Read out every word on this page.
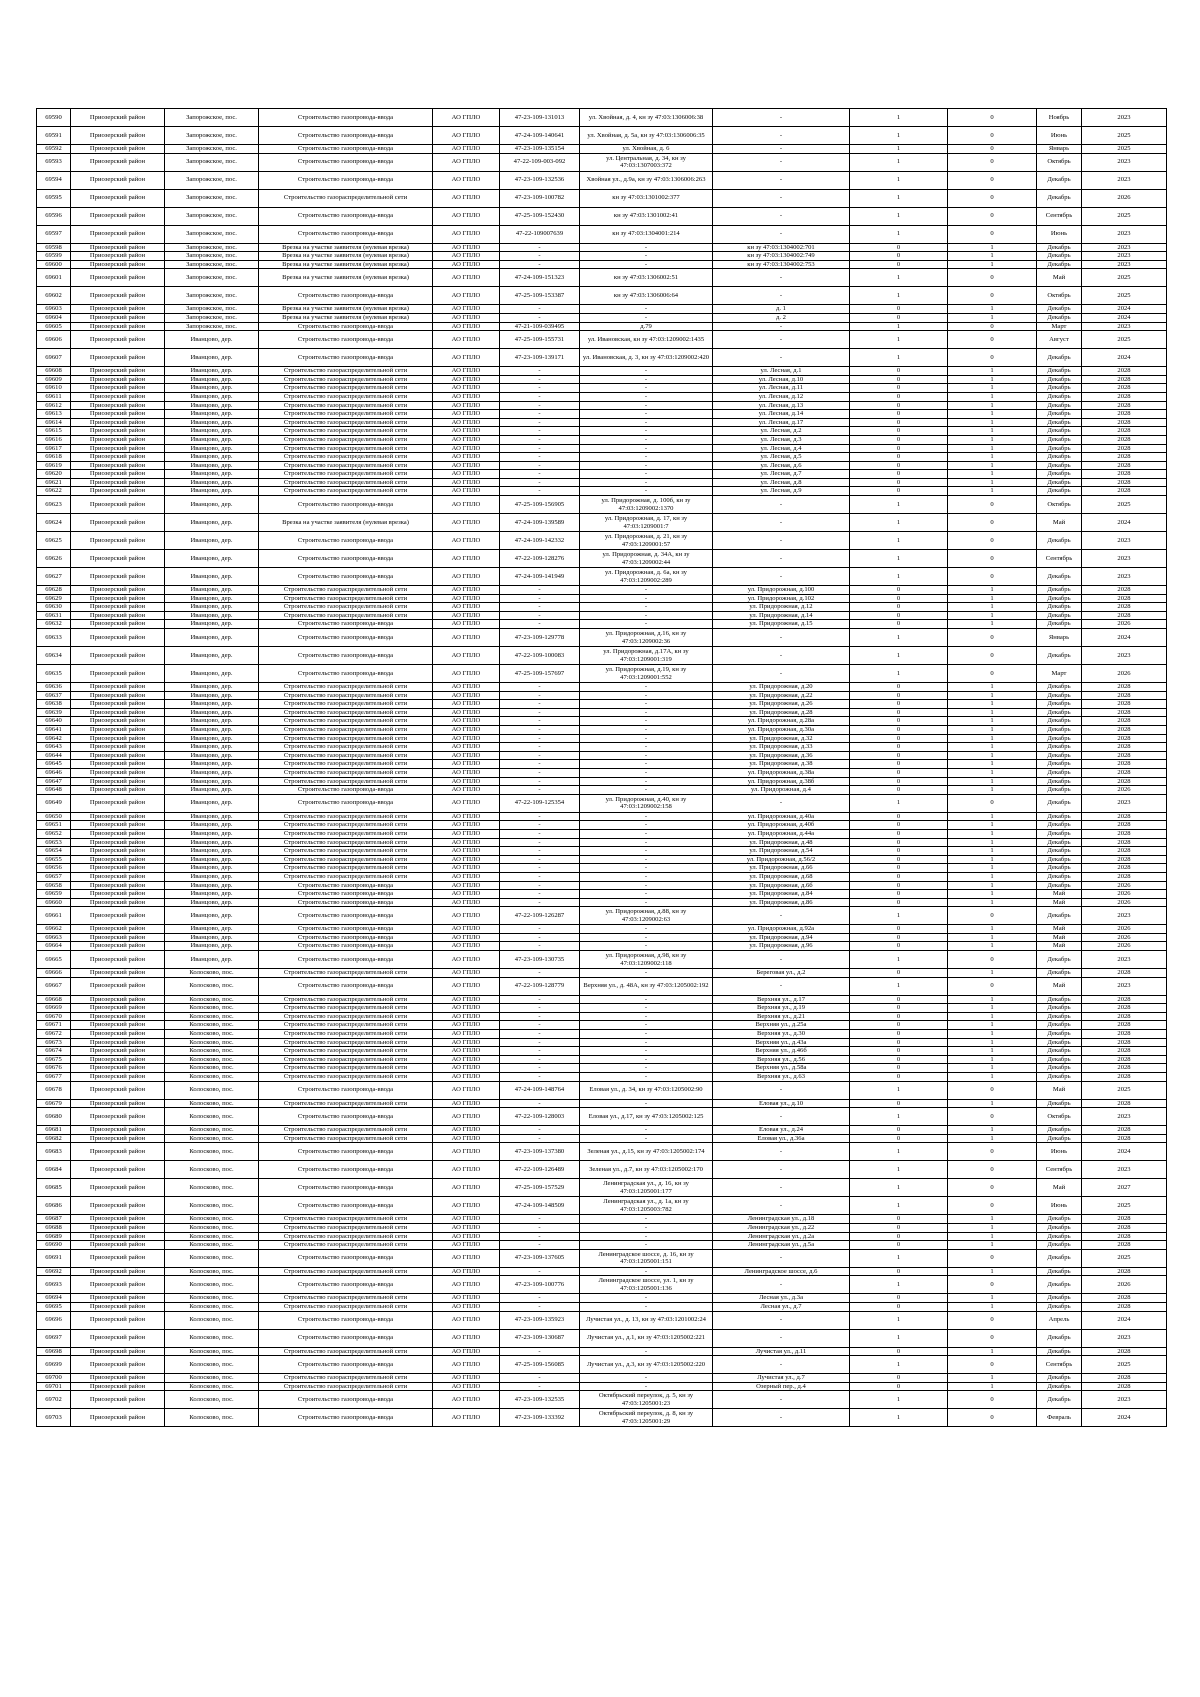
69590	Приозерский район	Запорожское, пос.	Строительство газопровода-ввода	АО ГПЛО	47-23-109-131013	ул. Хвойная, д. 4, кн зу 47:03:1306006:38	-	1	0	Ноябрь	2023
69591	Приозерский район	Запорожское, пос.	Строительство газопровода-ввода	АО ГПЛО	47-24-109-140641	ул. Хвойная, д. 5а, кн зу 47:03:1306006:35	-	1	0	Июнь	2025
69592	Приозерский район	Запорожское, пос.	Строительство газопровода-ввода	АО ГПЛО	47-23-109-135154	ул. Хвойная, д. 6	-	1	0	Январь	2025
69593	Приозерский район	Запорожское, пос.	Строительство газопровода-ввода	АО ГПЛО	47-22-109-003-092	ул. Центральная, д. 34, кн зу 47:03:1307003:372	-	1	0	Октябрь	2023
69594	Приозерский район	Запорожское, пос.	Строительство газопровода-ввода	АО ГПЛО	47-23-109-132536	Хвойная ул., д.9а, кн зу 47:03:1306006:263	-	1	0	Декабрь	2023
69595	Приозерский район	Запорожское, пос.	Строительство газораспределительной сети	АО ГПЛО	47-23-109-100782	кн зу 47:03:1301002:377	-	1	0	Декабрь	2026
69596	Приозерский район	Запорожское, пос.	Строительство газопровода-ввода	АО ГПЛО	47-25-109-152430	кн зу 47:03:1301002:41	-	1	0	Сентябрь	2025
69597	Приозерский район	Запорожское, пос.	Строительство газопровода-ввода	АО ГПЛО	47-22-109007639	кн зу 47:03:1304001:214	-	1	0	Июнь	2023
69598	Приозерский район	Запорожское, пос.	Врезка на участке заявителя (нулевая врезка)	АО ГПЛО	-	-	кн зу 47:03:1304002:701	0	1	Декабрь	2023
69599	Приозерский район	Запорожское, пос.	Врезка на участке заявителя (нулевая врезка)	АО ГПЛО	-	-	кн зу 47:03:1304002:749	0	1	Декабрь	2023
69600	Приозерский район	Запорожское, пос.	Врезка на участке заявителя (нулевая врезка)	АО ГПЛО	-	-	кн зу 47:03:1304002:753	0	1	Декабрь	2023
69601	Приозерский район	Запорожское, пос.	Врезка на участке заявителя (нулевая врезка)	АО ГПЛО	47-24-109-151323	кн зу 47:03:1306002:51	-	1	0	Май	2025
69602	Приозерский район	Запорожское, пос.	Строительство газопровода-ввода	АО ГПЛО	47-25-109-153387	кн зу 47:03:1306006:64	-	1	0	Октябрь	2025
69603	Приозерский район	Запорожское, пос.	Врезка на участке заявителя (нулевая врезка)	АО ГПЛО	-	-	д. 1	0	1	Декабрь	2024
69604	Приозерский район	Запорожское, пос.	Врезка на участке заявителя (нулевая врезка)	АО ГПЛО	-	-	д. 2	0	1	Декабрь	2024
69605	Приозерский район	Запорожское, пос.	Строительство газопровода-ввода	АО ГПЛО	47-21-109-039495	д.79	-	1	0	Март	2023
69606	Приозерский район	Иванцово, дер.	Строительство газопровода-ввода	АО ГПЛО	47-25-109-155731	ул. Ивановская, кн зу 47:03:1209002:1435	-	1	0	Август	2025
69607	Приозерский район	Иванцово, дер.	Строительство газопровода-ввода	АО ГПЛО	47-23-109-139171	ул. Ивановская, д. 3, кн зу 47:03:1209002:420	-	1	0	Декабрь	2024
69608	Приозерский район	Иванцово, дер.	Строительство газораспределительной сети	АО ГПЛО	-	-	ул. Лесная, д.1	0	1	Декабрь	2028
69609	Приозерский район	Иванцово, дер.	Строительство газораспределительной сети	АО ГПЛО	-	-	ул. Лесная, д.10	0	1	Декабрь	2028
69610	Приозерский район	Иванцово, дер.	Строительство газораспределительной сети	АО ГПЛО	-	-	ул. Лесная, д.11	0	1	Декабрь	2028
69611	Приозерский район	Иванцово, дер.	Строительство газораспределительной сети	АО ГПЛО	-	-	ул. Лесная, д.12	0	1	Декабрь	2028
69612	Приозерский район	Иванцово, дер.	Строительство газораспределительной сети	АО ГПЛО	-	-	ул. Лесная, д.13	0	1	Декабрь	2028
69613	Приозерский район	Иванцово, дер.	Строительство газораспределительной сети	АО ГПЛО	-	-	ул. Лесная, д.14	0	1	Декабрь	2028
69614	Приозерский район	Иванцово, дер.	Строительство газораспределительной сети	АО ГПЛО	-	-	ул. Лесная, д.17	0	1	Декабрь	2028
69615	Приозерский район	Иванцово, дер.	Строительство газораспределительной сети	АО ГПЛО	-	-	ул. Лесная, д.2	0	1	Декабрь	2028
69616	Приозерский район	Иванцово, дер.	Строительство газораспределительной сети	АО ГПЛО	-	-	ул. Лесная, д.3	0	1	Декабрь	2028
69617	Приозерский район	Иванцово, дер.	Строительство газораспределительной сети	АО ГПЛО	-	-	ул. Лесная, д.4	0	1	Декабрь	2028
69618	Приозерский район	Иванцово, дер.	Строительство газораспределительной сети	АО ГПЛО	-	-	ул. Лесная, д.5	0	1	Декабрь	2028
69619	Приозерский район	Иванцово, дер.	Строительство газораспределительной сети	АО ГПЛО	-	-	ул. Лесная, д.6	0	1	Декабрь	2028
69620	Приозерский район	Иванцово, дер.	Строительство газораспределительной сети	АО ГПЛО	-	-	ул. Лесная, д.7	0	1	Декабрь	2028
69621	Приозерский район	Иванцово, дер.	Строительство газораспределительной сети	АО ГПЛО	-	-	ул. Лесная, д.8	0	1	Декабрь	2028
69622	Приозерский район	Иванцово, дер.	Строительство газораспределительной сети	АО ГПЛО	-	-	ул. Лесная, д.9	0	1	Декабрь	2028
69623	Приозерский район	Иванцово, дер.	Строительство газопровода-ввода	АО ГПЛО	47-25-109-156905	ул. Придорожная, д. 100б, кн зу 47:03:1209002:1370	-	1	0	Октябрь	2025
69624	Приозерский район	Иванцово, дер.	Врезка на участке заявителя (нулевая врезка)	АО ГПЛО	47-24-109-139589	ул. Придорожная, д. 17, кн зу 47:03:1209001:7	-	1	0	Май	2024
69625	Приозерский район	Иванцово, дер.	Строительство газопровода-ввода	АО ГПЛО	47-24-109-142332	ул. Придорожная, д. 21, кн зу 47:03:1209001:57	-	1	0	Декабрь	2023
69626	Приозерский район	Иванцово, дер.	Строительство газопровода-ввода	АО ГПЛО	47-22-109-128276	ул. Придорожная, д. 34А, кн зу 47:03:1209002:44	-	1	0	Сентябрь	2023
69627	Приозерский район	Иванцово, дер.	Строительство газопровода-ввода	АО ГПЛО	47-24-109-141949	ул. Придорожная, д. 6а, кн зу 47:03:1209002:289	-	1	0	Декабрь	2023
69628	Приозерский район	Иванцово, дер.	Строительство газораспределительной сети	АО ГПЛО	-	-	ул. Придорожная, д.100	0	1	Декабрь	2028
69629	Приозерский район	Иванцово, дер.	Строительство газораспределительной сети	АО ГПЛО	-	-	ул. Придорожная, д.102	0	1	Декабрь	2028
69630	Приозерский район	Иванцово, дер.	Строительство газораспределительной сети	АО ГПЛО	-	-	ул. Придорожная, д.12	0	1	Декабрь	2028
69631	Приозерский район	Иванцово, дер.	Строительство газораспределительной сети	АО ГПЛО	-	-	ул. Придорожная, д.14	0	1	Декабрь	2028
69632	Приозерский район	Иванцово, дер.	Строительство газопровода-ввода	АО ГПЛО	-	-	ул. Придорожная, д.15	0	1	Декабрь	2026
69633	Приозерский район	Иванцово, дер.	Строительство газопровода-ввода	АО ГПЛО	47-23-109-129778	ул. Придорожная, д.16, кн зу 47:03:1209002:36	-	1	0	Январь	2024
69634	Приозерский район	Иванцово, дер.	Строительство газопровода-ввода	АО ГПЛО	47-22-109-100083	ул. Придорожная, д.17А, кн зу 47:03:1209001:319	-	1	0	Декабрь	2023
69635	Приозерский район	Иванцово, дер.	Строительство газопровода-ввода	АО ГПЛО	47-25-109-157697	ул. Придорожная, д.19, кн зу 47:03:1209001:552	-	1	0	Март	2026
69636	Приозерский район	Иванцово, дер.	Строительство газораспределительной сети	АО ГПЛО	-	-	ул. Придорожная, д.20	0	1	Декабрь	2028
69637	Приозерский район	Иванцово, дер.	Строительство газораспределительной сети	АО ГПЛО	-	-	ул. Придорожная, д.22	0	1	Декабрь	2028
69638	Приозерский район	Иванцово, дер.	Строительство газораспределительной сети	АО ГПЛО	-	-	ул. Придорожная, д.26	0	1	Декабрь	2028
69639	Приозерский район	Иванцово, дер.	Строительство газораспределительной сети	АО ГПЛО	-	-	ул. Придорожная, д.28	0	1	Декабрь	2028
69640	Приозерский район	Иванцово, дер.	Строительство газораспределительной сети	АО ГПЛО	-	-	ул. Придорожная, д.28а	0	1	Декабрь	2028
69641	Приозерский район	Иванцово, дер.	Строительство газораспределительной сети	АО ГПЛО	-	-	ул. Придорожная, д.30а	0	1	Декабрь	2028
69642	Приозерский район	Иванцово, дер.	Строительство газораспределительной сети	АО ГПЛО	-	-	ул. Придорожная, д.32	0	1	Декабрь	2028
69643	Приозерский район	Иванцово, дер.	Строительство газораспределительной сети	АО ГПЛО	-	-	ул. Придорожная, д.33	0	1	Декабрь	2028
69644	Приозерский район	Иванцово, дер.	Строительство газораспределительной сети	АО ГПЛО	-	-	ул. Придорожная, д.36	0	1	Декабрь	2028
69645	Приозерский район	Иванцово, дер.	Строительство газораспределительной сети	АО ГПЛО	-	-	ул. Придорожная, д.38	0	1	Декабрь	2028
69646	Приозерский район	Иванцово, дер.	Строительство газораспределительной сети	АО ГПЛО	-	-	ул. Придорожная, д.38а	0	1	Декабрь	2028
69647	Приозерский район	Иванцово, дер.	Строительство газораспределительной сети	АО ГПЛО	-	-	ул. Придорожная, д.38б	0	1	Декабрь	2028
69648	Приозерский район	Иванцово, дер.	Строительство газопровода-ввода	АО ГПЛО	-	-	ул. Придорожная, д.4	0	1	Декабрь	2026
69649	Приозерский район	Иванцово, дер.	Строительство газопровода-ввода	АО ГПЛО	47-22-109-125354	ул. Придорожная, д.40, кн зу 47:03:1209002:158	-	1	0	Декабрь	2023
69650	Приозерский район	Иванцово, дер.	Строительство газораспределительной сети	АО ГПЛО	-	-	ул. Придорожная, д.40а	0	1	Декабрь	2028
69651	Приозерский район	Иванцово, дер.	Строительство газораспределительной сети	АО ГПЛО	-	-	ул. Придорожная, д.40б	0	1	Декабрь	2028
69652	Приозерский район	Иванцово, дер.	Строительство газораспределительной сети	АО ГПЛО	-	-	ул. Придорожная, д.44а	0	1	Декабрь	2028
69653	Приозерский район	Иванцово, дер.	Строительство газораспределительной сети	АО ГПЛО	-	-	ул. Придорожная, д.48	0	1	Декабрь	2028
69654	Приозерский район	Иванцово, дер.	Строительство газораспределительной сети	АО ГПЛО	-	-	ул. Придорожная, д.54	0	1	Декабрь	2028
69655	Приозерский район	Иванцово, дер.	Строительство газораспределительной сети	АО ГПЛО	-	-	ул. Придорожная, д.56/2	0	1	Декабрь	2028
69656	Приозерский район	Иванцово, дер.	Строительство газораспределительной сети	АО ГПЛО	-	-	ул. Придорожная, д.66	0	1	Декабрь	2028
69657	Приозерский район	Иванцово, дер.	Строительство газораспределительной сети	АО ГПЛО	-	-	ул. Придорожная, д.68	0	1	Декабрь	2028
69658	Приозерский район	Иванцово, дер.	Строительство газопровода-ввода	АО ГПЛО	-	-	ул. Придорожная, д.6б	0	1	Декабрь	2026
69659	Приозерский район	Иванцово, дер.	Строительство газопровода-ввода	АО ГПЛО	-	-	ул. Придорожная, д.84	0	1	Май	2026
69660	Приозерский район	Иванцово, дер.	Строительство газопровода-ввода	АО ГПЛО	-	-	ул. Придорожная, д.86	0	1	Май	2026
69661	Приозерский район	Иванцово, дер.	Строительство газопровода-ввода	АО ГПЛО	47-22-109-126287	ул. Придорожная, д.88, кн зу 47:03:1209002:63	-	1	0	Декабрь	2023
69662	Приозерский район	Иванцово, дер.	Строительство газопровода-ввода	АО ГПЛО	-	-	ул. Придорожная, д.92а	0	1	Май	2026
69663	Приозерский район	Иванцово, дер.	Строительство газопровода-ввода	АО ГПЛО	-	-	ул. Придорожная, д.94	0	1	Май	2026
69664	Приозерский район	Иванцово, дер.	Строительство газопровода-ввода	АО ГПЛО	-	-	ул. Придорожная, д.96	0	1	Май	2026
69665	Приозерский район	Иванцово, дер.	Строительство газопровода-ввода	АО ГПЛО	47-23-109-130735	ул. Придорожная, д.98, кн зу 47:03:1209002:118	-	1	0	Декабрь	2023
69666	Приозерский район	Колосково, пос.	Строительство газораспределительной сети	АО ГПЛО	-	-	Береговая ул., д.2	0	1	Декабрь	2028
69667	Приозерский район	Колосково, пос.	Строительство газопровода-ввода	АО ГПЛО	47-22-109-128779	Верхняя ул., д. 48А, кн зу 47:03:1205002:192	-	1	0	Май	2023
69668	Приозерский район	Колосково, пос.	Строительство газораспределительной сети	АО ГПЛО	-	-	Верхняя ул., д.17	0	1	Декабрь	2028
69669	Приозерский район	Колосково, пос.	Строительство газораспределительной сети	АО ГПЛО	-	-	Верхняя ул., д.19	0	1	Декабрь	2028
69670	Приозерский район	Колосково, пос.	Строительство газораспределительной сети	АО ГПЛО	-	-	Верхняя ул., д.21	0	1	Декабрь	2028
69671	Приозерский район	Колосково, пос.	Строительство газораспределительной сети	АО ГПЛО	-	-	Верхняя ул., д.25а	0	1	Декабрь	2028
69672	Приозерский район	Колосково, пос.	Строительство газораспределительной сети	АО ГПЛО	-	-	Верхняя ул., д.30	0	1	Декабрь	2028
69673	Приозерский район	Колосково, пос.	Строительство газораспределительной сети	АО ГПЛО	-	-	Верхняя ул., д.43а	0	1	Декабрь	2028
69674	Приозерский район	Колосково, пос.	Строительство газораспределительной сети	АО ГПЛО	-	-	Верхняя ул., д.46б	0	1	Декабрь	2028
69675	Приозерский район	Колосково, пос.	Строительство газораспределительной сети	АО ГПЛО	-	-	Верхняя ул., д.56	0	1	Декабрь	2028
69676	Приозерский район	Колосково, пос.	Строительство газораспределительной сети	АО ГПЛО	-	-	Верхняя ул., д.58а	0	1	Декабрь	2028
69677	Приозерский район	Колосково, пос.	Строительство газораспределительной сети	АО ГПЛО	-	-	Верхняя ул., д.63	0	1	Декабрь	2028
69678	Приозерский район	Колосково, пос.	Строительство газопровода-ввода	АО ГПЛО	47-24-109-148764	Еловая ул., д. 34, кн зу 47:03:1205002:90	-	1	0	Май	2025
69679	Приозерский район	Колосково, пос.	Строительство газораспределительной сети	АО ГПЛО	-	-	Еловая ул., д.10	0	1	Декабрь	2028
69680	Приозерский район	Колосково, пос.	Строительство газопровода-ввода	АО ГПЛО	47-22-109-128003	Еловая ул., д.17, кн зу 47:03:1205002:125	-	1	0	Октябрь	2023
69681	Приозерский район	Колосково, пос.	Строительство газораспределительной сети	АО ГПЛО	-	-	Еловая ул., д.24	0	1	Декабрь	2028
69682	Приозерский район	Колосково, пос.	Строительство газораспределительной сети	АО ГПЛО	-	-	Еловая ул., д.36а	0	1	Декабрь	2028
69683	Приозерский район	Колосково, пос.	Строительство газопровода-ввода	АО ГПЛО	47-23-109-137380	Зеленая ул., д.15, кн зу 47:03:1205002:174	-	1	0	Июнь	2024
69684	Приозерский район	Колосково, пос.	Строительство газопровода-ввода	АО ГПЛО	47-22-109-126489	Зеленая ул., д.7, кн зу 47:03:1205002:170	-	1	0	Сентябрь	2023
69685	Приозерский район	Колосково, пос.	Строительство газопровода-ввода	АО ГПЛО	47-25-109-157529	Ленинградская ул., д. 16, кн зу 47:03:1205001:177	-	1	0	Май	2027
69686	Приозерский район	Колосково, пос.	Строительство газопровода-ввода	АО ГПЛО	47-24-109-148509	Ленинградская ул., д. 1а, кн зу 47:03:1205003:782	-	1	0	Июнь	2025
69687	Приозерский район	Колосково, пос.	Строительство газораспределительной сети	АО ГПЛО	-	-	Ленинградская ул., д.18	0	1	Декабрь	2028
69688	Приозерский район	Колосково, пос.	Строительство газораспределительной сети	АО ГПЛО	-	-	Ленинградская ул., д.22	0	1	Декабрь	2028
69689	Приозерский район	Колосково, пос.	Строительство газораспределительной сети	АО ГПЛО	-	-	Ленинградская ул., д.2а	0	1	Декабрь	2028
69690	Приозерский район	Колосково, пос.	Строительство газораспределительной сети	АО ГПЛО	-	-	Ленинградская ул., д.5а	0	1	Декабрь	2028
69691	Приозерский район	Колосково, пос.	Строительство газопровода-ввода	АО ГПЛО	47-23-109-137605	Ленинградское шоссе, д. 16, кн зу 47:03:1205001:151	-	1	0	Декабрь	2025
69692	Приозерский район	Колосково, пос.	Строительство газораспределительной сети	АО ГПЛО	-	-	Ленинградское шоссе, д.6	0	1	Декабрь	2028
69693	Приозерский район	Колосково, пос.	Строительство газопровода-ввода	АО ГПЛО	47-23-109-100776	Ленинградское шоссе, ул. 1, кн зу 47:03:1205001:136	-	1	0	Декабрь	2026
69694	Приозерский район	Колосково, пос.	Строительство газораспределительной сети	АО ГПЛО	-	-	Лесная ул., д.3а	0	1	Декабрь	2028
69695	Приозерский район	Колосково, пос.	Строительство газораспределительной сети	АО ГПЛО	-	-	Лесная ул., д.7	0	1	Декабрь	2028
69696	Приозерский район	Колосково, пос.	Строительство газопровода-ввода	АО ГПЛО	47-23-109-135923	Лучистая ул., д. 13, кн зу 47:03:1201002:24	-	1	0	Апрель	2024
69697	Приозерский район	Колосково, пос.	Строительство газопровода-ввода	АО ГПЛО	47-23-109-130687	Лучистая ул., д.1, кн зу 47:03:1205002:221	-	1	0	Декабрь	2023
69698	Приозерский район	Колосково, пос.	Строительство газораспределительной сети	АО ГПЛО	-	-	Лучистая ул., д.11	0	1	Декабрь	2028
69699	Приозерский район	Колосково, пос.	Строительство газопровода-ввода	АО ГПЛО	47-25-109-156085	Лучистая ул., д.3, кн зу 47:03:1205002:220	-	1	0	Сентябрь	2025
69700	Приозерский район	Колосково, пос.	Строительство газораспределительной сети	АО ГПЛО	-	-	Лучистая ул., д.7	0	1	Декабрь	2028
69701	Приозерский район	Колосково, пос.	Строительство газораспределительной сети	АО ГПЛО	-	-	Озерный пер., д.4	0	1	Декабрь	2028
69702	Приозерский район	Колосково, пос.	Строительство газопровода-ввода	АО ГПЛО	47-23-109-132535	Октябрьский переулок, д. 5, кн зу 47:03:1205001:23	-	1	0	Декабрь	2023
69703	Приозерский район	Колосково, пос.	Строительство газопровода-ввода	АО ГПЛО	47-23-109-133392	Октябрьский переулок, д. 8, кн зу 47:03:1205001:29	-	1	0	Февраль	2024
